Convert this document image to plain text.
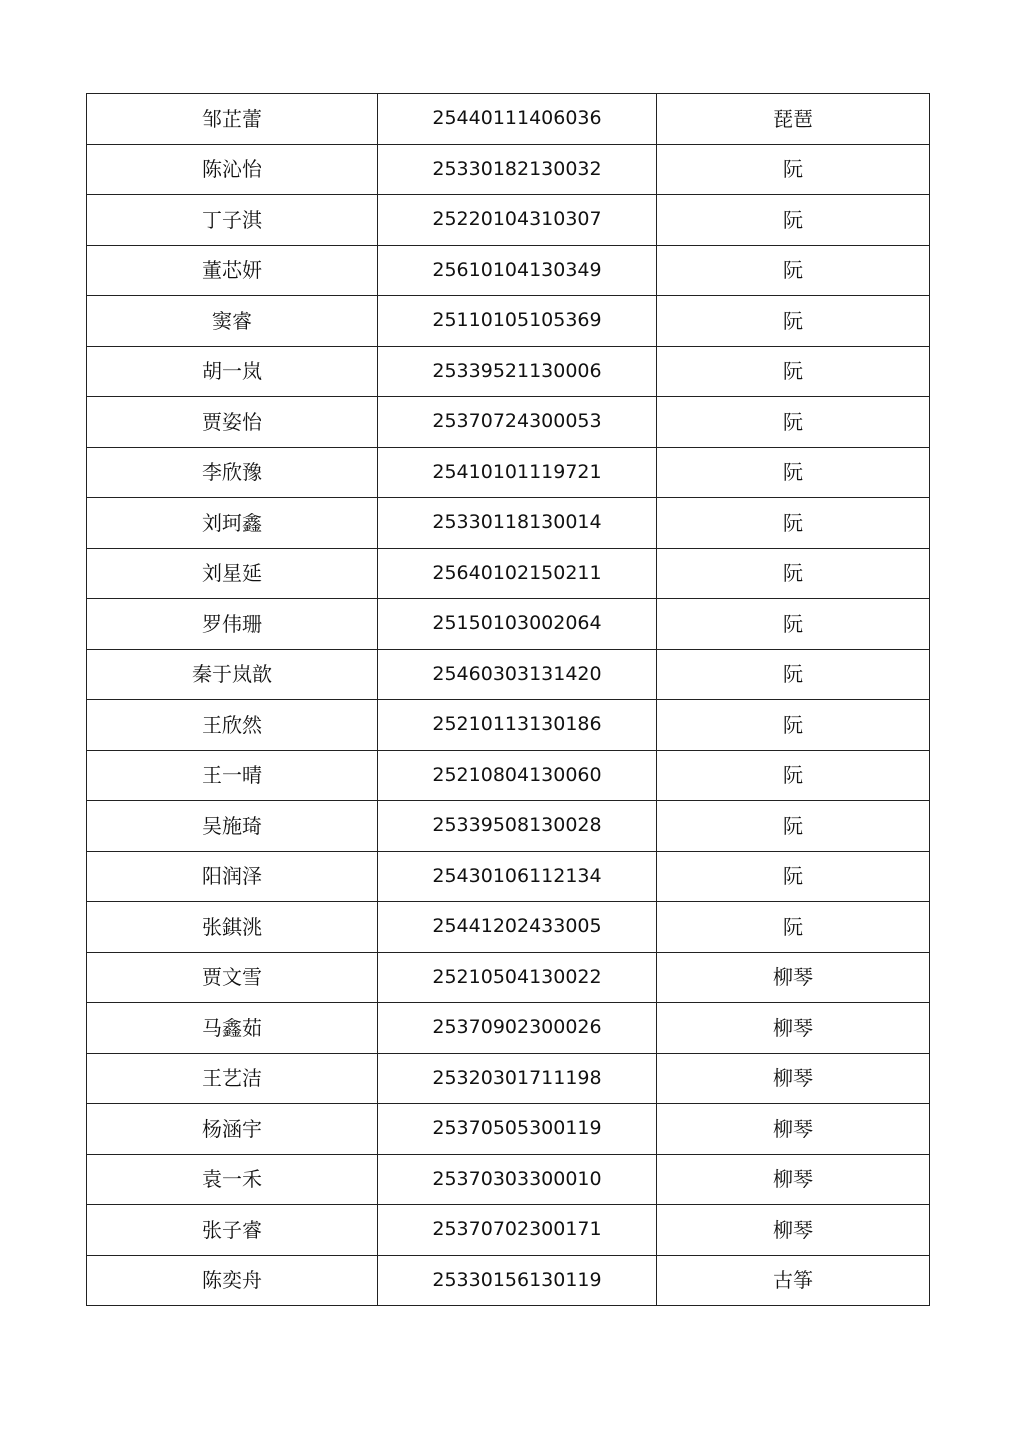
邹芷蕾	25440111406036	琵琶
陈沁怡	25330182130032	阮
丁子淇	25220104310307	阮
董芯妍	25610104130349	阮
窦睿	25110105105369	阮
胡一岚	25339521130006	阮
贾姿怡	25370724300053	阮
李欣豫	25410101119721	阮
刘珂鑫	25330118130014	阮
刘星延	25640102150211	阮
罗伟珊	25150103002064	阮
秦于岚歆	25460303131420	阮
王欣然	25210113130186	阮
王一晴	25210804130060	阮
吴施琦	25339508130028	阮
阳润泽	25430106112134	阮
张錤洮	25441202433005	阮
贾文雪	25210504130022	柳琴
马鑫茹	25370902300026	柳琴
王艺洁	25320301711198	柳琴
杨涵宇	25370505300119	柳琴
袁一禾	25370303300010	柳琴
张子睿	25370702300171	柳琴
陈奕舟	25330156130119	古筝
